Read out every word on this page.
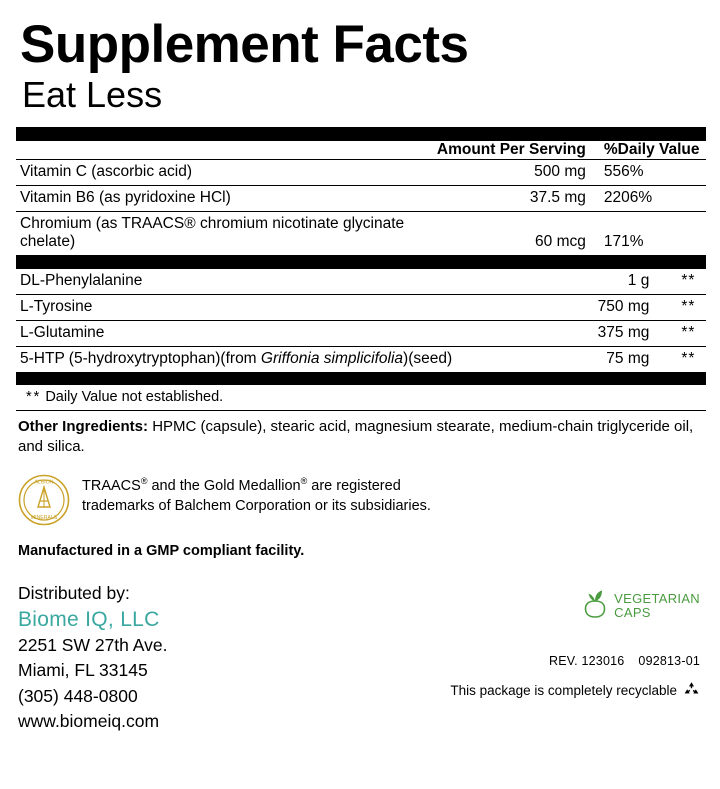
Supplement Facts
Eat Less
	Amount Per Serving	%Daily Value
Vitamin C (ascorbic acid)	500 mg	556%
Vitamin B6 (as pyridoxine HCl)	37.5 mg	2206%
Chromium (as TRAACS® chromium nicotinate glycinate chelate)	60 mcg	171%
DL-Phenylalanine	1 g	**
L-Tyrosine	750 mg	**
L-Glutamine	375 mg	**
5-HTP (5-hydroxytryptophan)(from Griffonia simplicifolia)(seed)	75 mg	**
** Daily Value not established.
Other Ingredients: HPMC (capsule), stearic acid, magnesium stearate, medium-chain triglyceride oil, and silica.
ALBION
MINERALS
TRAACS® and the Gold Medallion® are registered
trademarks of Balchem Corporation or its subsidiaries.
Manufactured in a GMP compliant facility.
Distributed by:
Biome IQ, LLC
2251 SW 27th Ave.
Miami, FL 33145
(305) 448-0800
www.biomeiq.com
VEGETARIAN
CAPS
REV. 123016 092813-01
This package is completely recyclable
